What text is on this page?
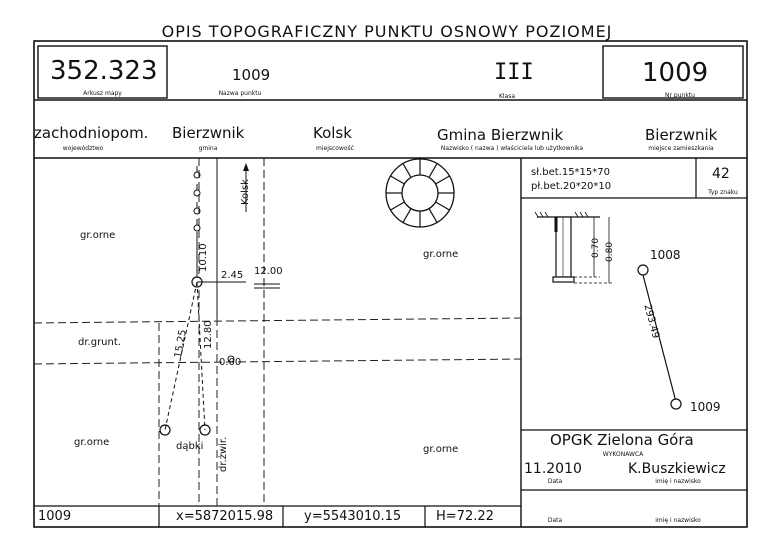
OPIS TOPOGRAFICZNY PUNKTU OSNOWY POZIOMEJ
352.323
Arkusz mapy
1009
Nazwa punktu
III
Klasa
1009
Nr punktu
zachodniopom.
województwo
Bierzwnik
gmina
Kolsk
miejscowość
Gmina Bierzwnik
Nazwisko ( nazwa ) właściciela lub użytkownika
Bierzwnik
miejsce zamieszkania
gr.orne
gr.orne
dr.grunt.
gr.orne
gr.orne
dąbki dr.żwir.
Kolsk
10.10
2.45 12.00
12.80
15.25
0.00
sł.bet.15*15*70
pł.bet.20*20*10
42
Typ znaku
0.70 0.80	1008
1009
293.49
OPGK Zielona Góra
WYKONAWCA
11.2010
Data
K.Buszkiewicz
imię i nazwisko
Data	imię i nazwisko
1009	x=5872015.98 y=5543010.15	H=72.22
